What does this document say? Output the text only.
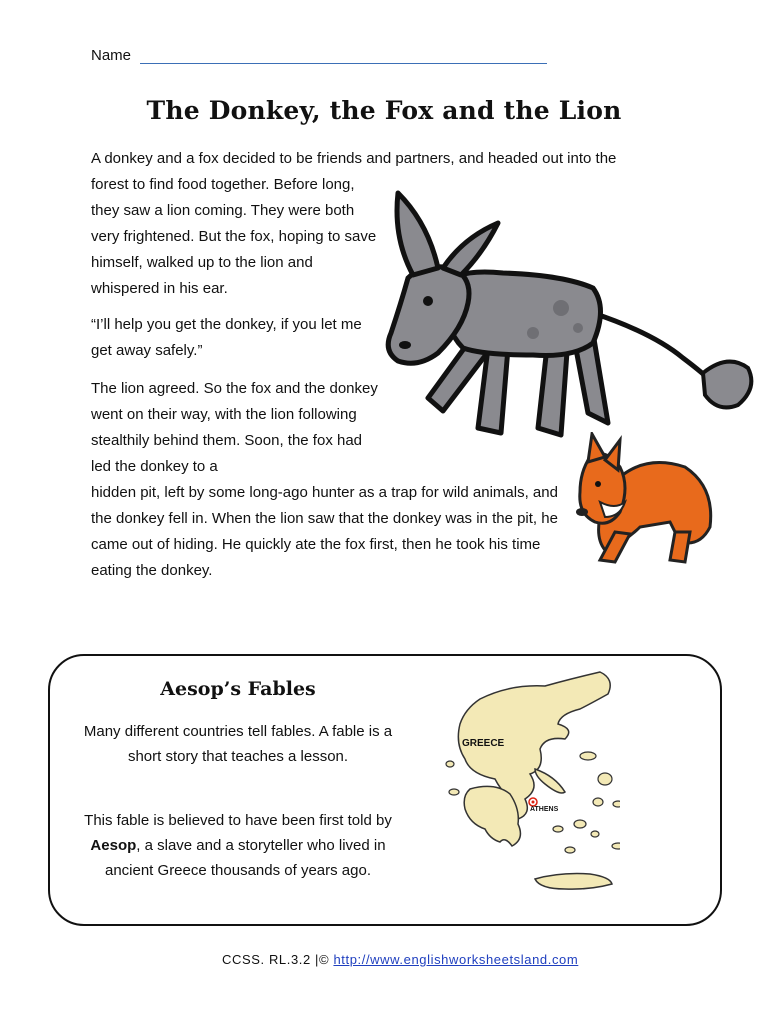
Name
The Donkey, the Fox and the Lion

A donkey and a fox decided to be friends and partners, and headed out into the
forest to find food together. Before long, they saw a lion coming. They were both very frightened. But the fox, hoping to save himself, walked up to the lion and whispered in his ear.

“I’ll help you get the donkey, if you let me get away safely.”

The lion agreed. So the fox and the donkey went on their way, with the lion following stealthily behind them. Soon, the fox had led the donkey to a

hidden pit, left by some long-ago hunter as a trap for wild animals, and the donkey fell in. When the lion saw that the donkey was in the pit, he came out of hiding. He quickly ate the fox first, then he took his time eating the donkey.

Aesop’s Fables

Many different countries tell fables. A fable is a short story that teaches a lesson.

This fable is believed to have been first told by Aesop, a slave and a storyteller who lived in ancient Greece thousands of years ago.

GREECE
ATHENS
CCSS. RL.3.2 |© http://www.englishworksheetsland.com
